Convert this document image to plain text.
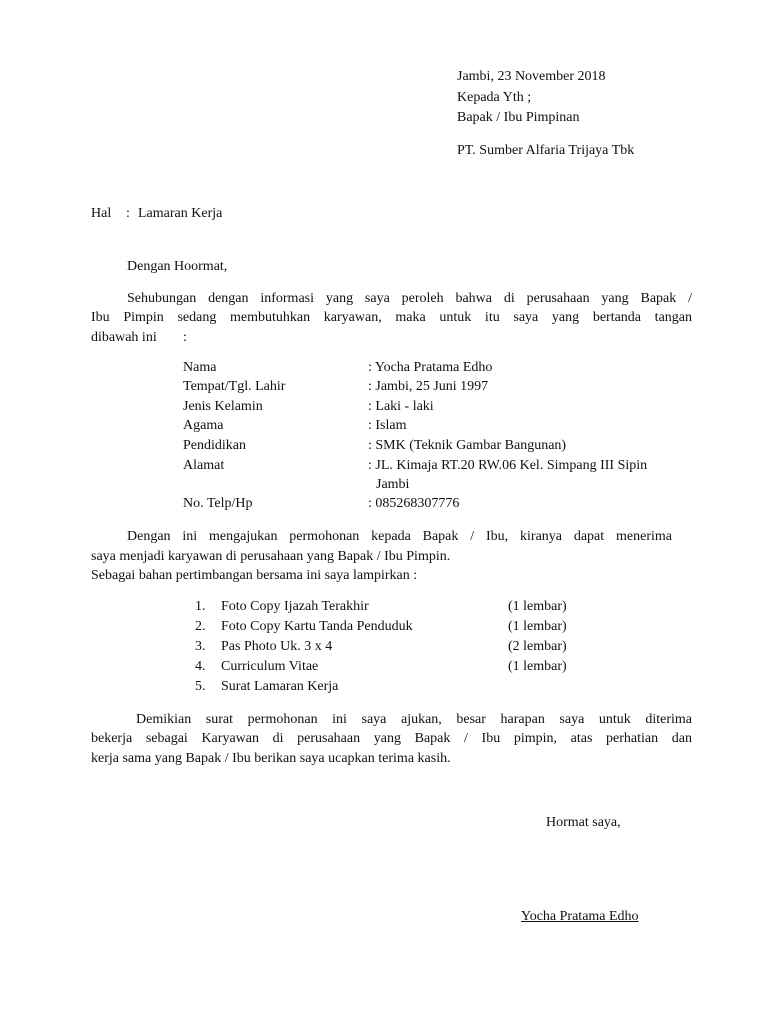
Jambi, 23 November 2018
Kepada Yth ;
Bapak / Ibu Pimpinan
PT. Sumber Alfaria Trijaya Tbk
Hal : Lamaran Kerja
Dengan Hoormat,
Sehubungan dengan informasi yang saya peroleh bahwa di perusahaan yang Bapak /
Ibu Pimpin sedang membutuhkan karyawan, maka untuk itu saya yang bertanda tangan
dibawah ini :
Nama	: Yocha Pratama Edho
Tempat/Tgl. Lahir	: Jambi, 25 Juni 1997
Jenis Kelamin	: Laki - laki
Agama	: Islam
Pendidikan	: SMK (Teknik Gambar Bangunan)
Alamat	: JL. Kimaja RT.20 RW.06 Kel. Simpang III Sipin
Jambi
No. Telp/Hp	: 085268307776
Dengan ini mengajukan permohonan kepada Bapak / Ibu, kiranya dapat menerima
saya menjadi karyawan di perusahaan yang Bapak / Ibu Pimpin.
Sebagai bahan pertimbangan bersama ini saya lampirkan :
1. Foto Copy Ijazah Terakhir	(1 lembar)
2. Foto Copy Kartu Tanda Penduduk	(1 lembar)
3. Pas Photo Uk. 3 x 4	(2 lembar)
4. Curriculum Vitae	(1 lembar)
5. Surat Lamaran Kerja
Demikian surat permohonan ini saya ajukan, besar harapan saya untuk diterima
bekerja sebagai Karyawan di perusahaan yang Bapak / Ibu pimpin, atas perhatian dan
kerja sama yang Bapak / Ibu berikan saya ucapkan terima kasih.
Hormat saya,
Yocha Pratama Edho
